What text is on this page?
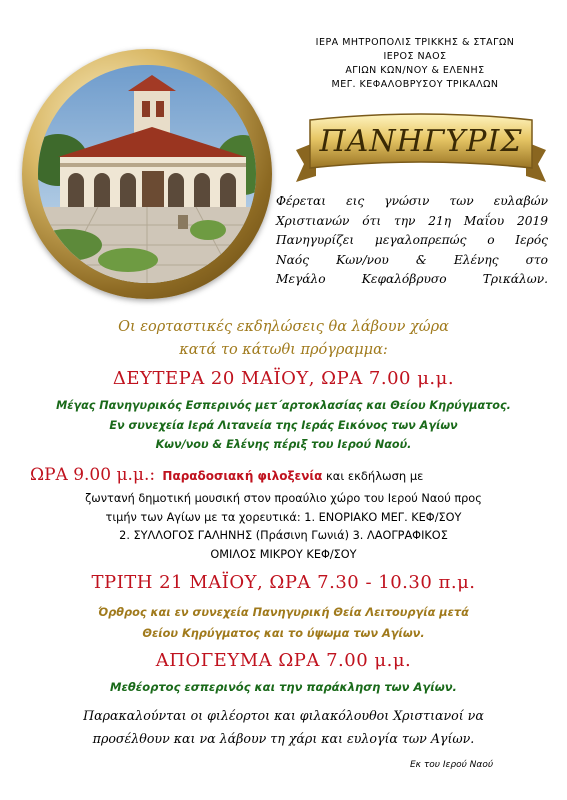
ΙΕΡΑ ΜΗΤΡΟΠΟΛΙΣ ΤΡΙΚΚΗΣ & ΣΤΑΓΩΝ
ΙΕΡΟΣ ΝΑΟΣ
ΑΓΙΩΝ ΚΩΝ/ΝΟΥ & ΕΛΕΝΗΣ
ΜΕΓ. ΚΕΦΑΛΟΒΡΥΣΟΥ ΤΡΙΚΑΛΩΝ
ΠΑΝΗΓΥΡΙΣ
Φέρεται εις γνώσιν των ευλαβών
Χριστιανών ότι την 21η Μαΐου 2019
Πανηγυρίζει μεγαλοπρεπώς ο Ιερός
Ναός Κων/νου & Ελένης στο
Μεγάλο Κεφαλόβρυσο Τρικάλων.
Οι εορταστικές εκδηλώσεις θα λάβουν χώρα
κατά το κάτωθι πρόγραμμα:
ΔΕΥΤΕΡΑ 20 ΜΑΪΟΥ, ΩΡΑ 7.00 μ.μ.
Μέγας Πανηγυρικός Εσπερινός μετ΄αρτοκλασίας και Θείου Κηρύγματος.
Εν συνεχεία Ιερά Λιτανεία της Ιεράς Εικόνος των Αγίων
Κων/νου & Ελένης πέριξ του Ιερού Ναού.
ΩΡΑ 9.00 μ.μ.: Παραδοσιακή φιλοξενία και εκδήλωση με
ζωντανή δημοτική μουσική στον προαύλιο χώρο του Ιερού Ναού προς
τιμήν των Αγίων με τα χορευτικά: 1. ΕΝΟΡΙΑΚΟ ΜΕΓ. ΚΕΦ/ΣΟΥ
2. ΣΥΛΛΟΓΟΣ ΓΑΛΗΝΗΣ (Πράσινη Γωνιά) 3. ΛΑΟΓΡΑΦΙΚΟΣ
ΟΜΙΛΟΣ ΜΙΚΡΟΥ ΚΕΦ/ΣΟΥ
ΤΡΙΤΗ 21 ΜΑΪΟΥ, ΩΡΑ 7.30 - 10.30 π.μ.
Όρθρος και εν συνεχεία Πανηγυρική Θεία Λειτουργία μετά
Θείου Κηρύγματος και το ύψωμα των Αγίων.
ΑΠΟΓΕΥΜΑ ΩΡΑ 7.00 μ.μ.
Μεθέορτος εσπερινός και την παράκληση των Αγίων.
Παρακαλούνται οι φιλέορτοι και φιλακόλουθοι Χριστιανοί να
προσέλθουν και να λάβουν τη χάρι και ευλογία των Αγίων.
Εκ του Ιερού Ναού
